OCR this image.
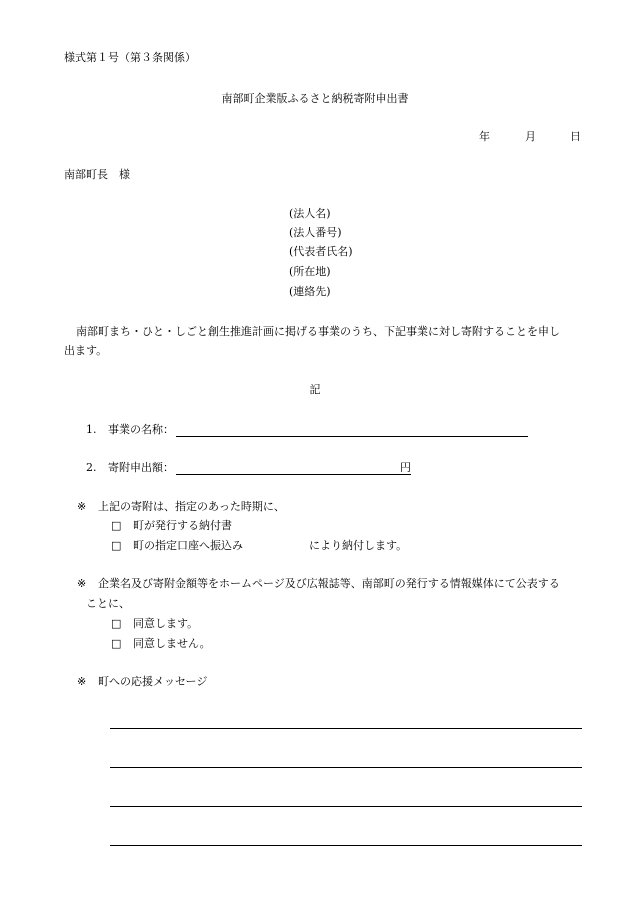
様式第１号（第３条関係）
南部町企業版ふるさと納税寄附申出書
年	月	日
南部町長　様
(法人名)
(法人番号)
(代表者氏名)
(所在地)
(連絡先)
南部町まち・ひと・しごと創生推進計画に掲げる事業のうち、下記事業に対し寄附することを申し
出ます。
記
1. 事業の名称：
2. 寄附申出額：	円
※ 上記の寄附は、指定のあった時期に、
□ 町が発行する納付書
□ 町の指定口座へ振込み	により納付します。
※ 企業名及び寄附金額等をホームページ及び広報誌等、南部町の発行する情報媒体にて公表する
ことに、
□ 同意します。
□ 同意しません。
※ 町への応援メッセージ
